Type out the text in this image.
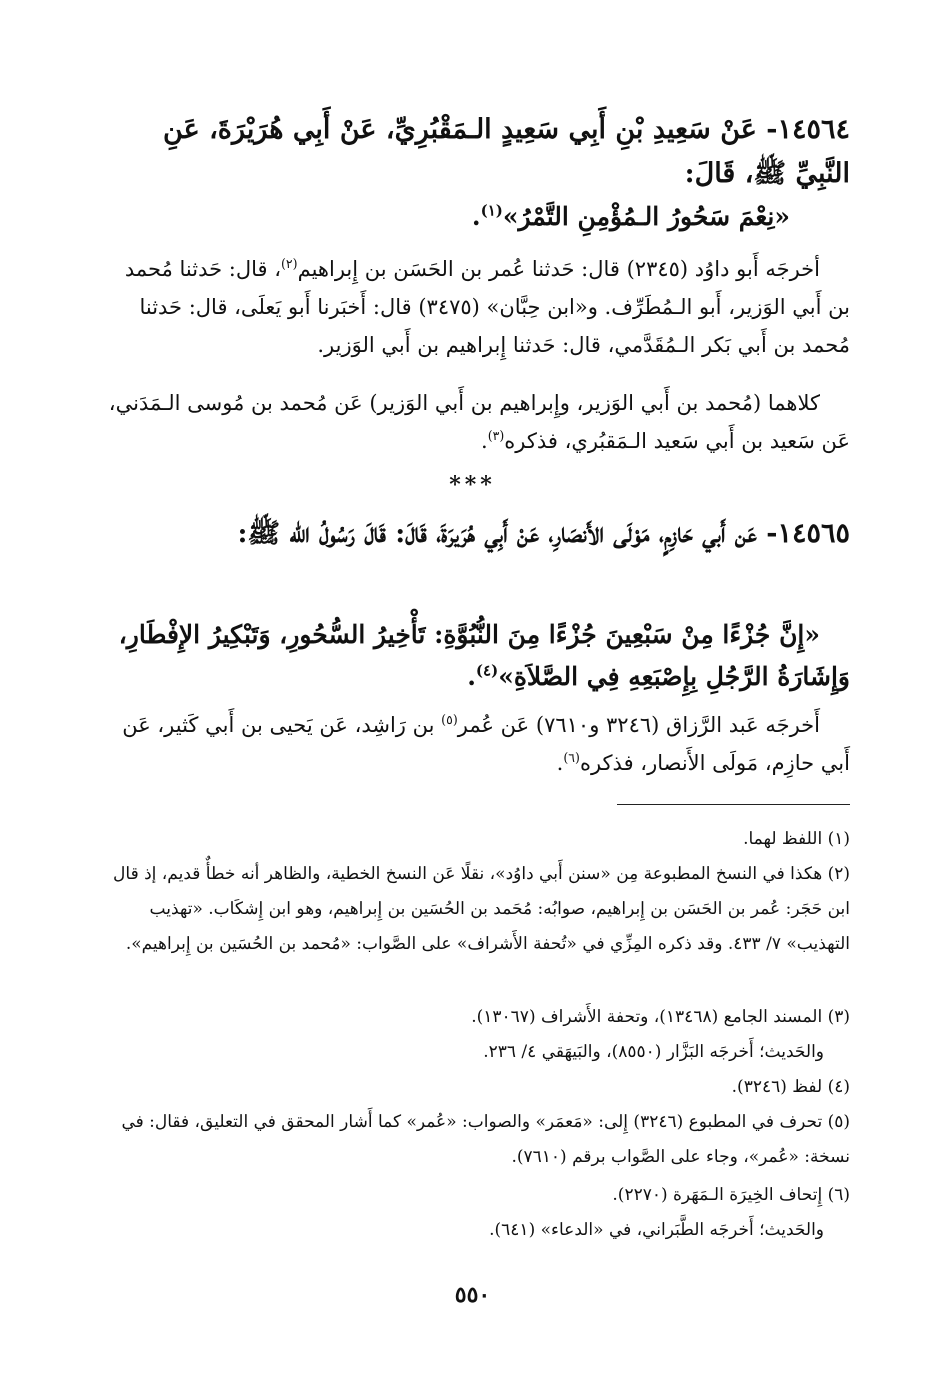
١٤٥٦٤- عَنْ سَعِيدِ بْنِ أَبِي سَعِيدٍ الـمَقْبُرِيِّ، عَنْ أَبِي هُرَيْرَةَ، عَنِ النَّبِيِّ ﷺ، قَالَ:

«نِعْمَ سَحُورُ الـمُؤْمِنِ التَّمْرُ»$^{(١)}$.

أخرجَه أَبو داوُد (٢٣٤٥) قال: حَدثنا عُمر بن الحَسَن بن إِبراهيم$^{(٢)}$، قال: حَدثنا مُحمد بن أَبي الوَزير، أَبو الـمُطَرِّف. و«ابن حِبَّان» (٣٤٧٥) قال: أَخبَرنا أَبو يَعلَى، قال: حَدثنا مُحمد بن أَبي بَكر الـمُقَدَّمي، قال: حَدثنا إِبراهيم بن أَبي الوَزير.

كلاهما (مُحمد بن أَبي الوَزير، وإِبراهيم بن أَبي الوَزير) عَن مُحمد بن مُوسى الـمَدَني، عَن سَعيد بن أَبي سَعيد الـمَقبُري، فذكره$^{(٣)}$.

***

١٤٥٦٥- عَن أَبي حَازِمٍ، مَوْلَى الأَنصَارِ، عَنْ أَبِي هُرَيرَةَ، قَالَ: قَالَ رَسُولُ الله ﷺ:

«إِنَّ جُزْءًا مِنْ سَبْعِينَ جُزْءًا مِنَ النُّبُوَّةِ: تَأْخِيرُ السُّحُورِ، وَتَبْكِيرُ الإِفْطَارِ، وَإِشَارَةُ الرَّجُلِ بِإِصْبَعِهِ فِي الصَّلاَةِ»$^{(٤)}$.

أَخرجَه عَبد الرَّزاق (٣٢٤٦ و٧٦١٠) عَن عُمر$^{(٥)}$ بن رَاشِد، عَن يَحيى بن أَبي كَثير، عَن أَبي حازِم، مَولَى الأَنصار، فذكره$^{(٦)}$.

(١) اللفظ لهما.
(٢) هكذا في النسخ المطبوعة مِن «سنن أَبي داوُد»، نقلًا عَن النسخ الخطية، والظاهر أنه خطأٌ قديم، إذ قال ابن حَجَر: عُمر بن الحَسَن بن إِبراهيم، صوابُه: مُحَمد بن الحُسَين بن إِبراهيم، وهو ابن إِشكَاب. «تهذيب التهذيب» ٧/ ٤٣٣. وقد ذكره المِزِّي في «تُحفة الأَشراف» على الصَّواب: «مُحمد بن الحُسَين بن إِبراهيم».
(٣) المسند الجامع (١٣٤٦٨)، وتحفة الأَشراف (١٣٠٦٧).
والحَديث؛ أَخرجَه البَزَّار (٨٥٥٠)، والبَيهَقي ٤/ ٢٣٦.
(٤) لفظ (٣٢٤٦).
(٥) تحرف في المطبوع (٣٢٤٦) إِلى: «مَعمَر» والصواب: «عُمر» كما أَشار المحقق في التعليق، فقال: في نسخة: «عُمر»، وجاء على الصَّواب برقم (٧٦١٠).
(٦) إِتحاف الخِيرَة الـمَهَرة (٢٢٧٠).
والحَديث؛ أَخرجَه الطَّبَراني، في «الدعاء» (٦٤١).
٥٥٠
